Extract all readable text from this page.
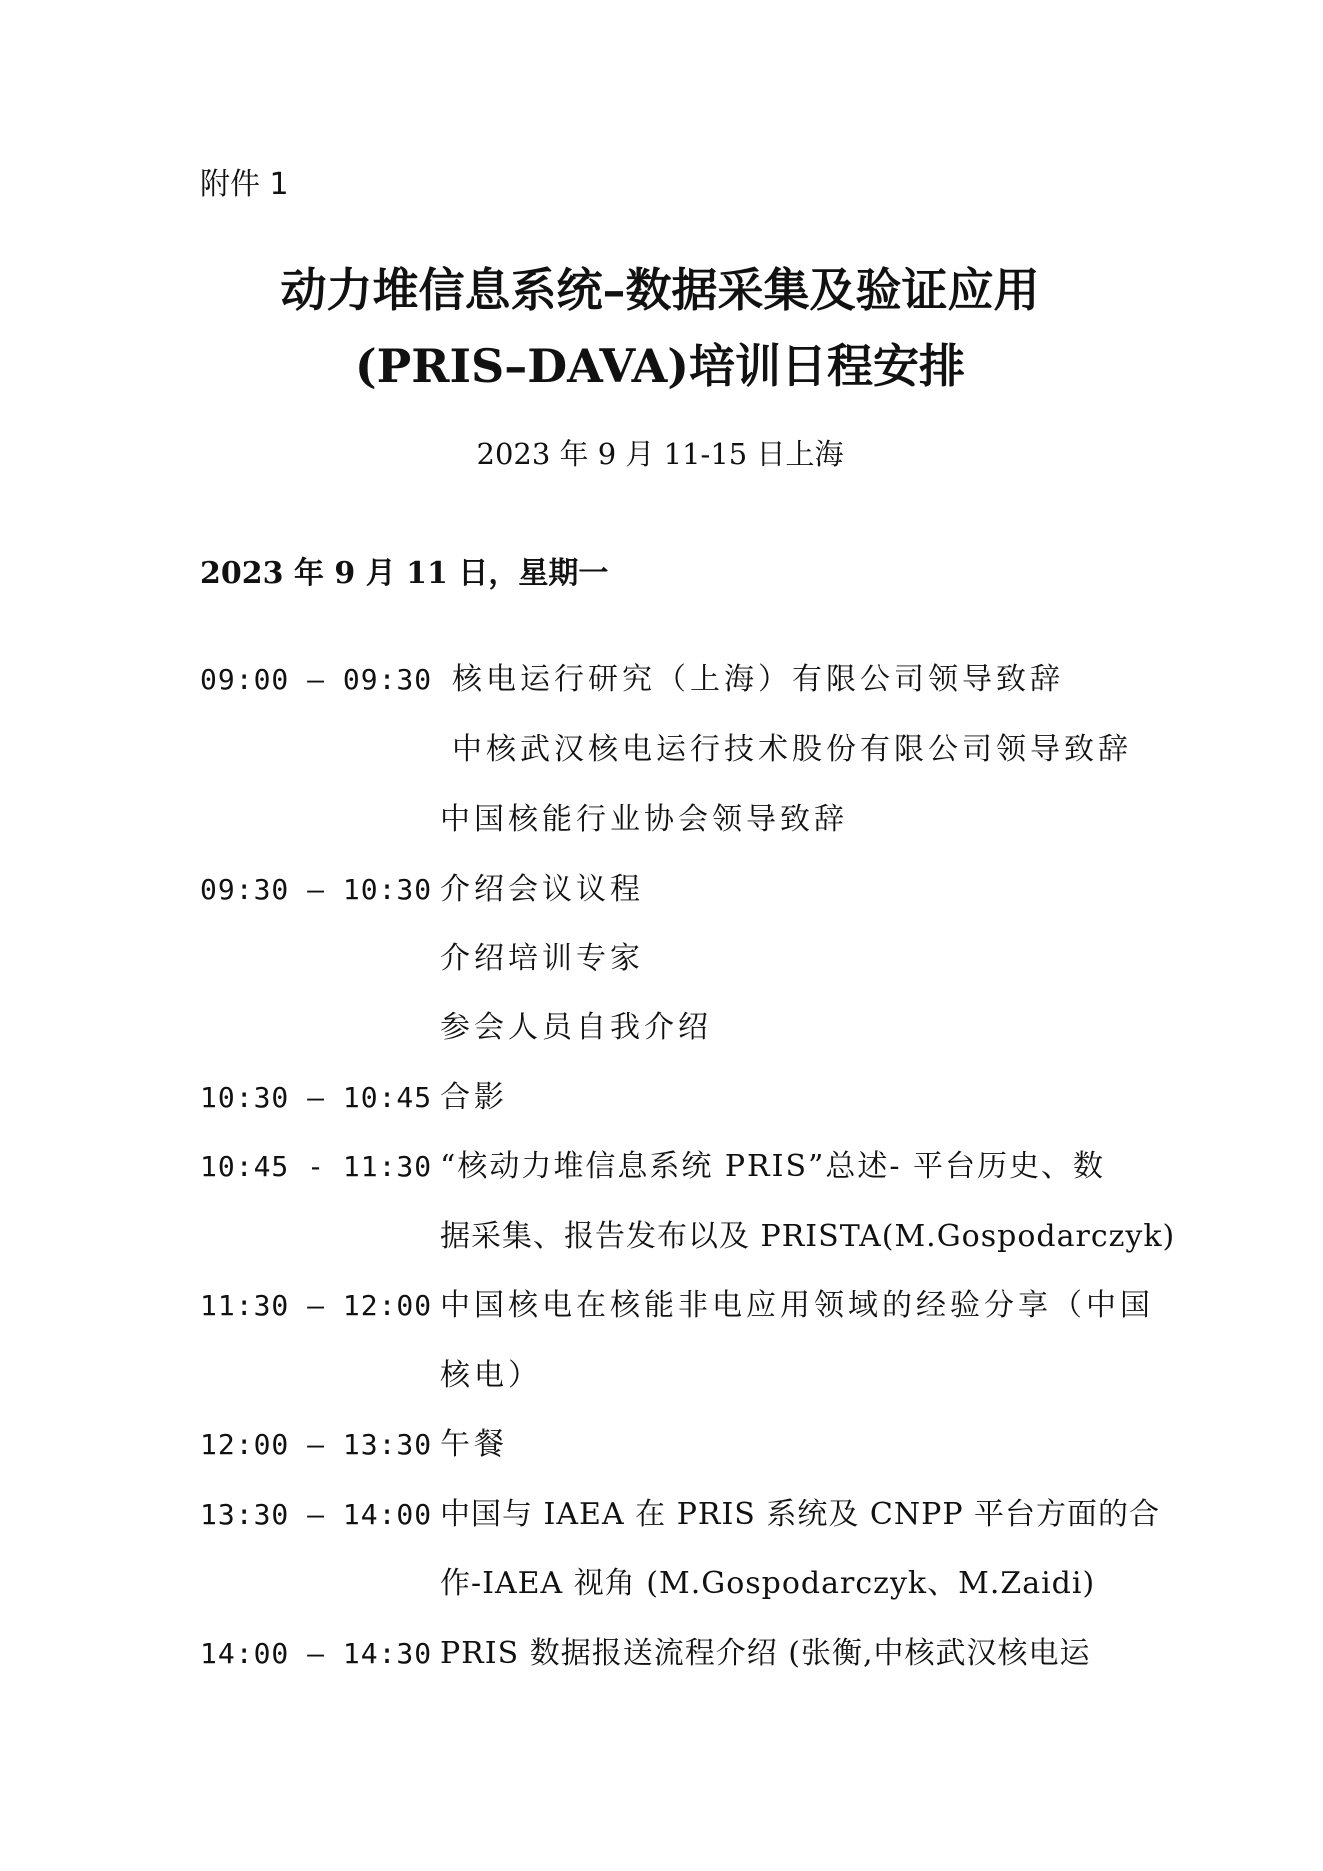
附件 1

动力堆信息系统–数据采集及验证应用
(PRIS–DAVA)培训日程安排

2023 年 9 月 11-15 日上海

2023 年 9 月 11 日，星期一
09:00 – 09:30 核电运行研究（上海）有限公司领导致辞
中核武汉核电运行技术股份有限公司领导致辞
中国核能行业协会领导致辞
09:30 — 10:30 介绍会议议程
介绍培训专家
参会人员自我介绍
10:30 — 10:45 合影
10:45 - 11:30 “核动力堆信息系统 PRIS”总述- 平台历史、数
据采集、报告发布以及 PRISTA(M.Gospodarczyk)
11:30 — 12:00 中国核电在核能非电应用领域的经验分享（中国
核电）
12:00 — 13:30 午餐
13:30 — 14:00 中国与 IAEA 在 PRIS 系统及 CNPP 平台方面的合
作-IAEA 视角 (M.Gospodarczyk、M.Zaidi)
14:00 — 14:30 PRIS 数据报送流程介绍 (张衡,中核武汉核电运
